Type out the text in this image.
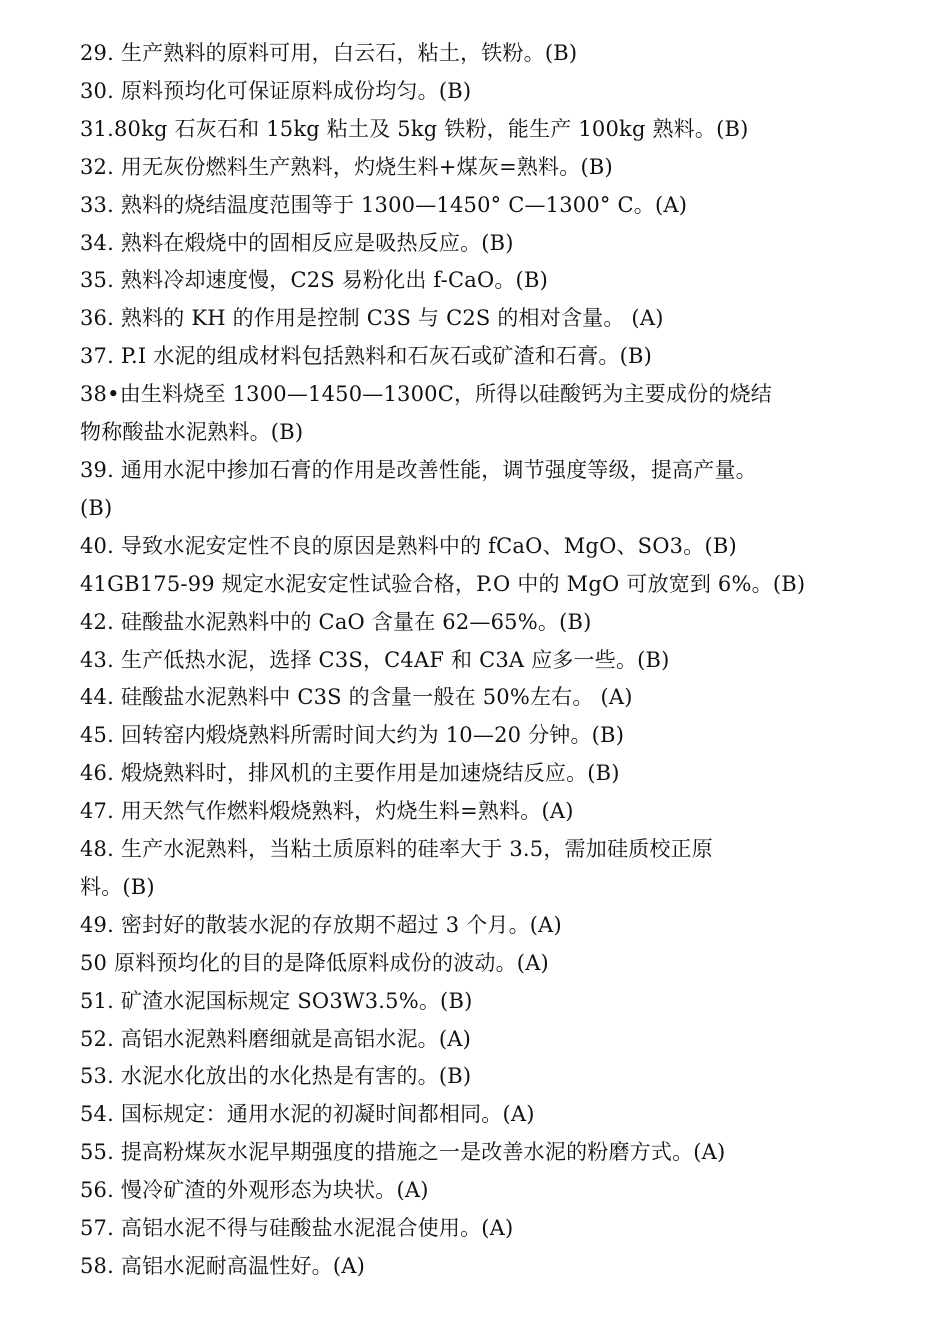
29. 生产熟料的原料可用，白云石，粘土，铁粉。(B)
30. 原料预均化可保证原料成份均匀。(B)
31.80kg 石灰石和 15kg 粘土及 5kg 铁粉，能生产 100kg 熟料。(B)
32. 用无灰份燃料生产熟料，灼烧生料+煤灰=熟料。(B)
33. 熟料的烧结温度范围等于 1300—1450° C—1300° C。(A)
34. 熟料在煅烧中的固相反应是吸热反应。(B)
35. 熟料冷却速度慢，C2S 易粉化出 f-CaO。(B)
36. 熟料的 KH 的作用是控制 C3S 与 C2S 的相对含量。 (A)
37. P.I 水泥的组成材料包括熟料和石灰石或矿渣和石膏。(B)
38•由生料烧至 1300—1450—1300C，所得以硅酸钙为主要成份的烧结
物称酸盐水泥熟料。(B)
39. 通用水泥中掺加石膏的作用是改善性能，调节强度等级，提高产量。
(B)
40. 导致水泥安定性不良的原因是熟料中的 fCaO、MgO、SO3。(B)
41GB175-99 规定水泥安定性试验合格，P.O 中的 MgO 可放宽到 6%。(B)
42. 硅酸盐水泥熟料中的 CaO 含量在 62—65%。(B)
43. 生产低热水泥，选择 C3S，C4AF 和 C3A 应多一些。(B)
44. 硅酸盐水泥熟料中 C3S 的含量一般在 50%左右。 (A)
45. 回转窑内煅烧熟料所需时间大约为 10—20 分钟。(B)
46. 煅烧熟料时，排风机的主要作用是加速烧结反应。(B)
47. 用天然气作燃料煅烧熟料，灼烧生料=熟料。(A)
48. 生产水泥熟料，当粘土质原料的硅率大于 3.5，需加硅质校正原
料。(B)
49. 密封好的散装水泥的存放期不超过 3 个月。(A)
50 原料预均化的目的是降低原料成份的波动。(A)
51. 矿渣水泥国标规定 SO3W3.5%。(B)
52. 高铝水泥熟料磨细就是高铝水泥。(A)
53. 水泥水化放出的水化热是有害的。(B)
54. 国标规定：通用水泥的初凝时间都相同。(A)
55. 提高粉煤灰水泥早期强度的措施之一是改善水泥的粉磨方式。(A)
56. 慢冷矿渣的外观形态为块状。(A)
57. 高铝水泥不得与硅酸盐水泥混合使用。(A)
58. 高铝水泥耐高温性好。(A)
